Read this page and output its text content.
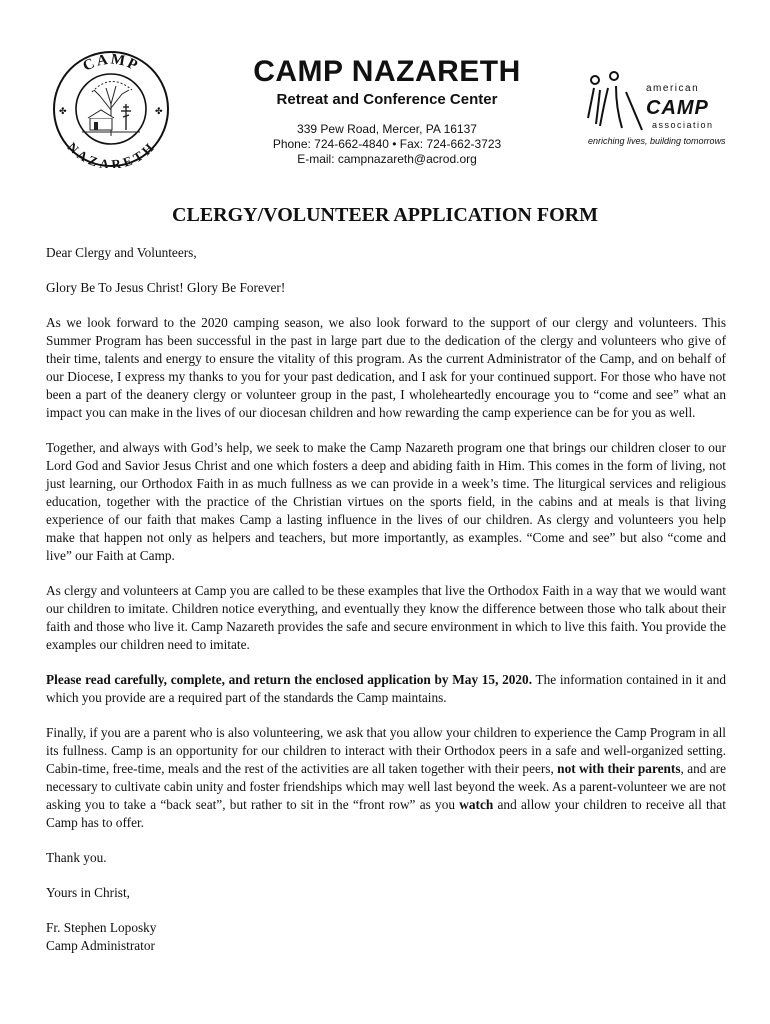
CAMP
NAZARETH
✤	✤
CAMP NAZARETH
Retreat and Conference Center
339 Pew Road, Mercer, PA 16137
Phone: 724-662-4840 • Fax: 724-662-3723
E-mail: campnazareth@acrod.org
american
CAMP
association
enriching lives, building tomorrows
CLERGY/VOLUNTEER APPLICATION FORM

Dear Clergy and Volunteers,

Glory Be To Jesus Christ! Glory Be Forever!

As we look forward to the 2020 camping season, we also look forward to the support of our clergy and volunteers. This Summer Program has been successful in the past in large part due to the dedication of the clergy and volunteers who give of their time, talents and energy to ensure the vitality of this program. As the current Administrator of the Camp, and on behalf of our Diocese, I express my thanks to you for your past dedication, and I ask for your continued support. For those who have not been a part of the deanery clergy or volunteer group in the past, I wholeheartedly encourage you to “come and see” what an impact you can make in the lives of our diocesan children and how rewarding the camp experience can be for you as well.

Together, and always with God’s help, we seek to make the Camp Nazareth program one that brings our children closer to our Lord God and Savior Jesus Christ and one which fosters a deep and abiding faith in Him. This comes in the form of living, not just learning, our Orthodox Faith in as much fullness as we can provide in a week’s time. The liturgical services and religious education, together with the practice of the Christian virtues on the sports field, in the cabins and at meals is that living experience of our faith that makes Camp a lasting influence in the lives of our children. As clergy and volunteers you help make that happen not only as helpers and teachers, but more importantly, as examples. “Come and see” but also “come and live” our Faith at Camp.

As clergy and volunteers at Camp you are called to be these examples that live the Orthodox Faith in a way that we would want our children to imitate. Children notice everything, and eventually they know the difference between those who talk about their faith and those who live it. Camp Nazareth provides the safe and secure environment in which to live this faith. You provide the examples our children need to imitate.

Please read carefully, complete, and return the enclosed application by May 15, 2020. The information contained in it and which you provide are a required part of the standards the Camp maintains.

Finally, if you are a parent who is also volunteering, we ask that you allow your children to experience the Camp Program in all its fullness. Camp is an opportunity for our children to interact with their Orthodox peers in a safe and well-organized setting. Cabin-time, free-time, meals and the rest of the activities are all taken together with their peers, not with their parents, and are necessary to cultivate cabin unity and foster friendships which may well last beyond the week. As a parent-volunteer we are not asking you to take a “back seat”, but rather to sit in the “front row” as you watch and allow your children to receive all that Camp has to offer.

Thank you.

Yours in Christ,

Fr. Stephen Loposky

Camp Administrator
